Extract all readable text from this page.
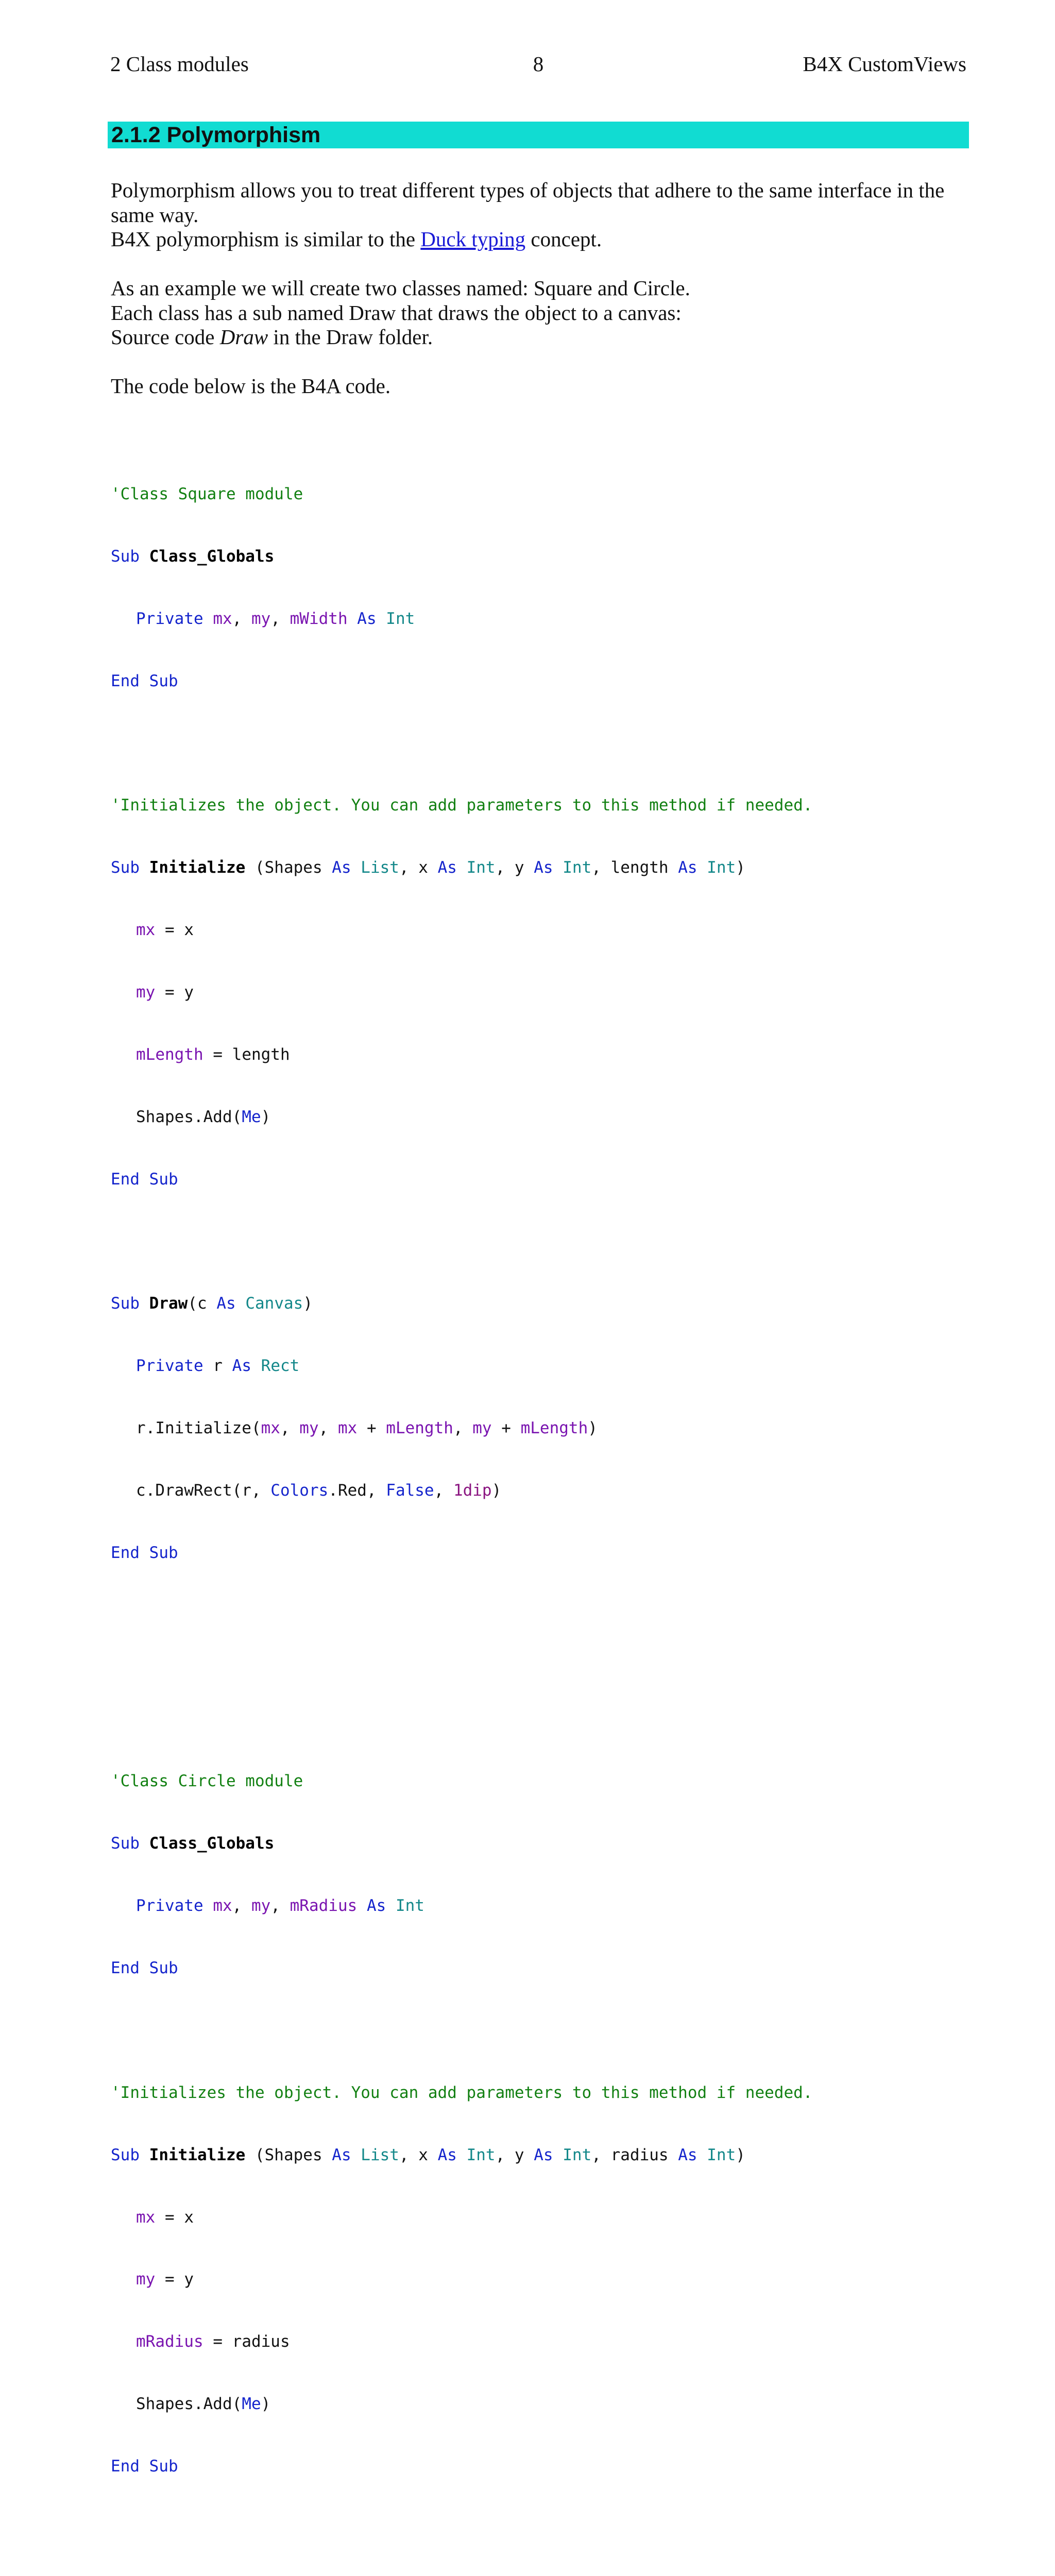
2 Class modules	8	B4X CustomViews
2.1.2 Polymorphism

Polymorphism allows you to treat different types of objects that adhere to the same interface in the

same way.

B4X polymorphism is similar to the Duck typing concept.

As an example we will create two classes named: Square and Circle.

Each class has a sub named Draw that draws the object to a canvas:

Source code Draw in the Draw folder.

The code below is the B4A code.

'Class Square module

Sub Class_Globals

Private mx, my, mWidth As Int

End Sub

'Initializes the object. You can add parameters to this method if needed.

Sub Initialize (Shapes As List, x As Int, y As Int, length As Int)

mx = x

my = y

mLength = length

Shapes.Add(Me)

End Sub

Sub Draw(c As Canvas)

Private r As Rect

r.Initialize(mx, my, mx + mLength, my + mLength)

c.DrawRect(r, Colors.Red, False, 1dip)

End Sub

'Class Circle module

Sub Class_Globals

Private mx, my, mRadius As Int

End Sub

'Initializes the object. You can add parameters to this method if needed.

Sub Initialize (Shapes As List, x As Int, y As Int, radius As Int)

mx = x

my = y

mRadius = radius

Shapes.Add(Me)

End Sub
